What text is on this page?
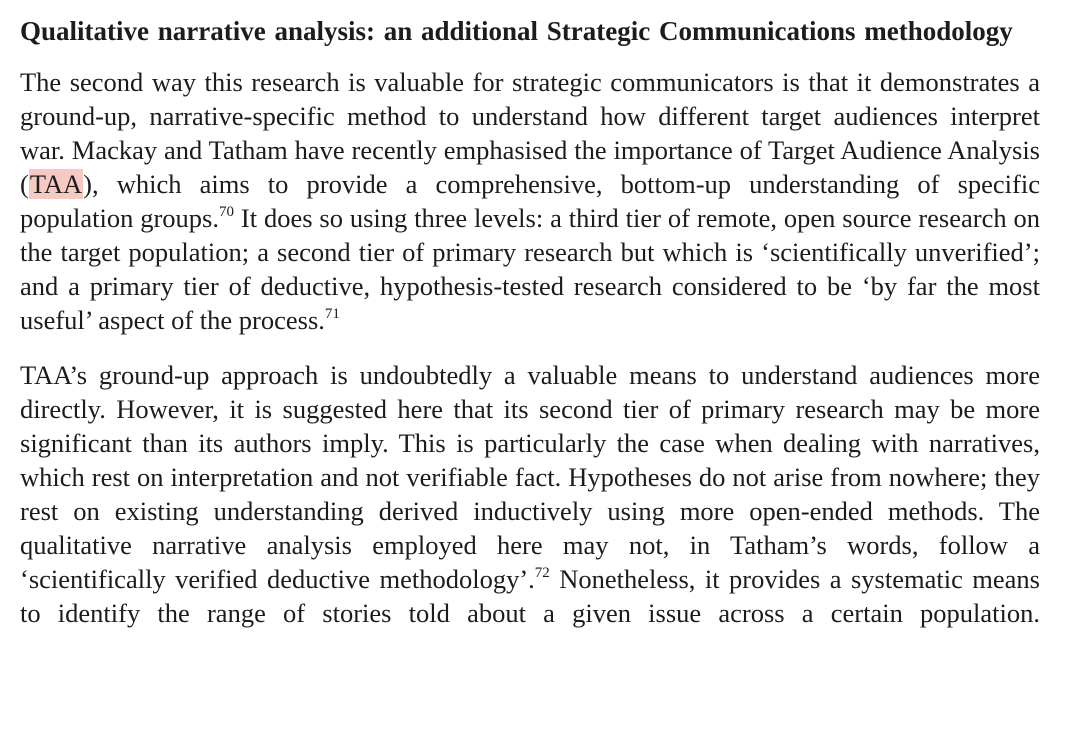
Qualitative narrative analysis: an additional Strategic Communications methodology

The second way this research is valuable for strategic communicators is that it demonstrates a ground-up, narrative-specific method to understand how different target audiences interpret war. Mackay and Tatham have recently emphasised the importance of Target Audience Analysis (TAA), which aims to provide a comprehensive, bottom-up understanding of specific population groups.$^{70}$ It does so using three levels: a third tier of remote, open source research on the target population; a second tier of primary research but which is ‘scientifically unverified’; and a primary tier of deductive, hypothesis-tested research considered to be ‘by far the most useful’ aspect of the process.$^{71}$

TAA’s ground-up approach is undoubtedly a valuable means to understand audiences more directly. However, it is suggested here that its second tier of primary research may be more significant than its authors imply. This is particularly the case when dealing with narratives, which rest on interpretation and not verifiable fact. Hypotheses do not arise from nowhere; they rest on existing understanding derived inductively using more open-ended methods. The qualitative narrative analysis employed here may not, in Tatham’s words, follow a ‘scientifically verified deductive methodology’.$^{72}$ Nonetheless, it provides a systematic means to identify the range of stories told about a given issue across a certain population.
